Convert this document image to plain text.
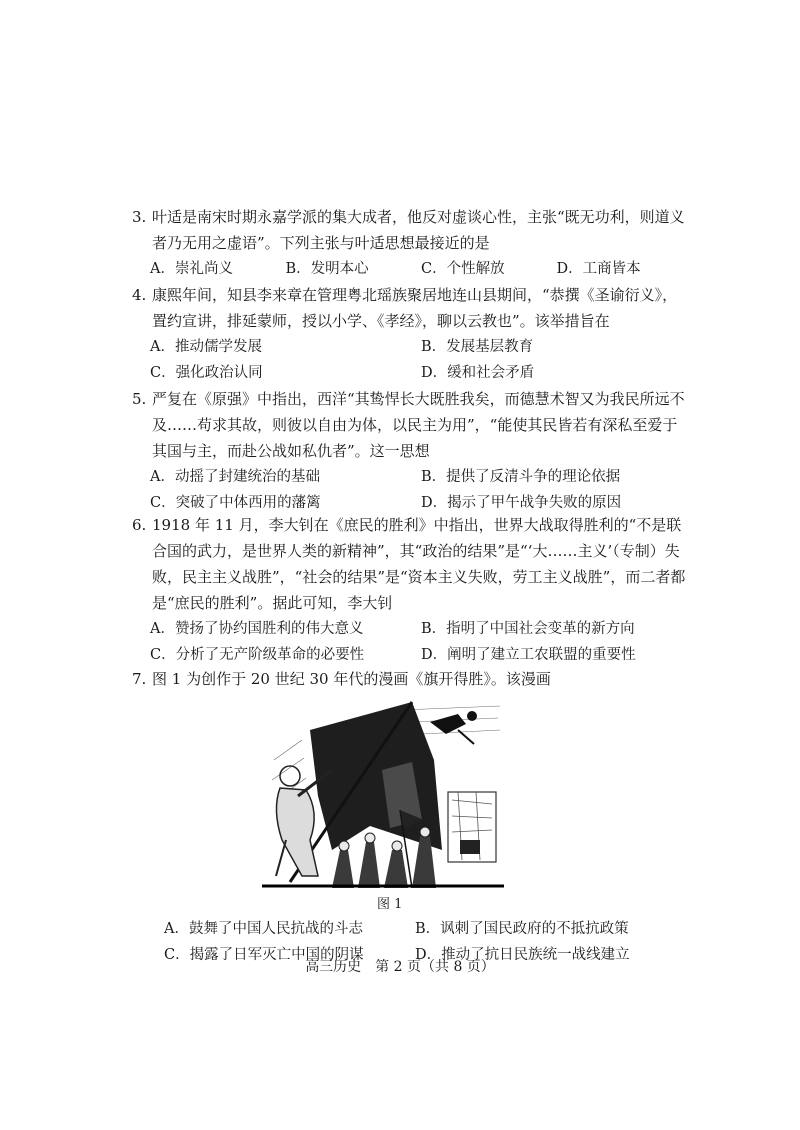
3. 叶适是南宋时期永嘉学派的集大成者，他反对虚谈心性，主张“既无功利，则道义者乃无用之虚语”。下列主张与叶适思想最接近的是
A．崇礼尚义	B．发明本心	C．个性解放	D．工商皆本
4. 康熙年间，知县李来章在管理粤北瑶族聚居地连山县期间，“恭撰《圣谕衍义》，置约宣讲，排延蒙师，授以小学、《孝经》，聊以云教也”。该举措旨在
A．推动儒学发展	B．发展基层教育
C．强化政治认同	D．缓和社会矛盾
5. 严复在《原强》中指出，西洋“其鸷悍长大既胜我矣，而德慧术智又为我民所远不及……苟求其故，则彼以自由为体，以民主为用”，“能使其民皆若有深私至爱于其国与主，而赴公战如私仇者”。这一思想
A．动摇了封建统治的基础	B．提供了反清斗争的理论依据
C．突破了中体西用的藩篱	D．揭示了甲午战争失败的原因
6. 1918 年 11 月，李大钊在《庶民的胜利》中指出，世界大战取得胜利的“不是联合国的武力，是世界人类的新精神”，其“政治的结果”是“‘大……主义’（专制）失败，民主主义战胜”，“社会的结果”是“资本主义失败，劳工主义战胜”，而二者都是“庶民的胜利”。据此可知，李大钊
A．赞扬了协约国胜利的伟大意义	B．指明了中国社会变革的新方向
C．分析了无产阶级革命的必要性	D．阐明了建立工农联盟的重要性
7. 图 1 为创作于 20 世纪 30 年代的漫画《旗开得胜》。该漫画
图 1
A．鼓舞了中国人民抗战的斗志	B．讽刺了国民政府的不抵抗政策
C．揭露了日军灭亡中国的阴谋	D．推动了抗日民族统一战线建立
高三历史　第 2 页（共 8 页）
